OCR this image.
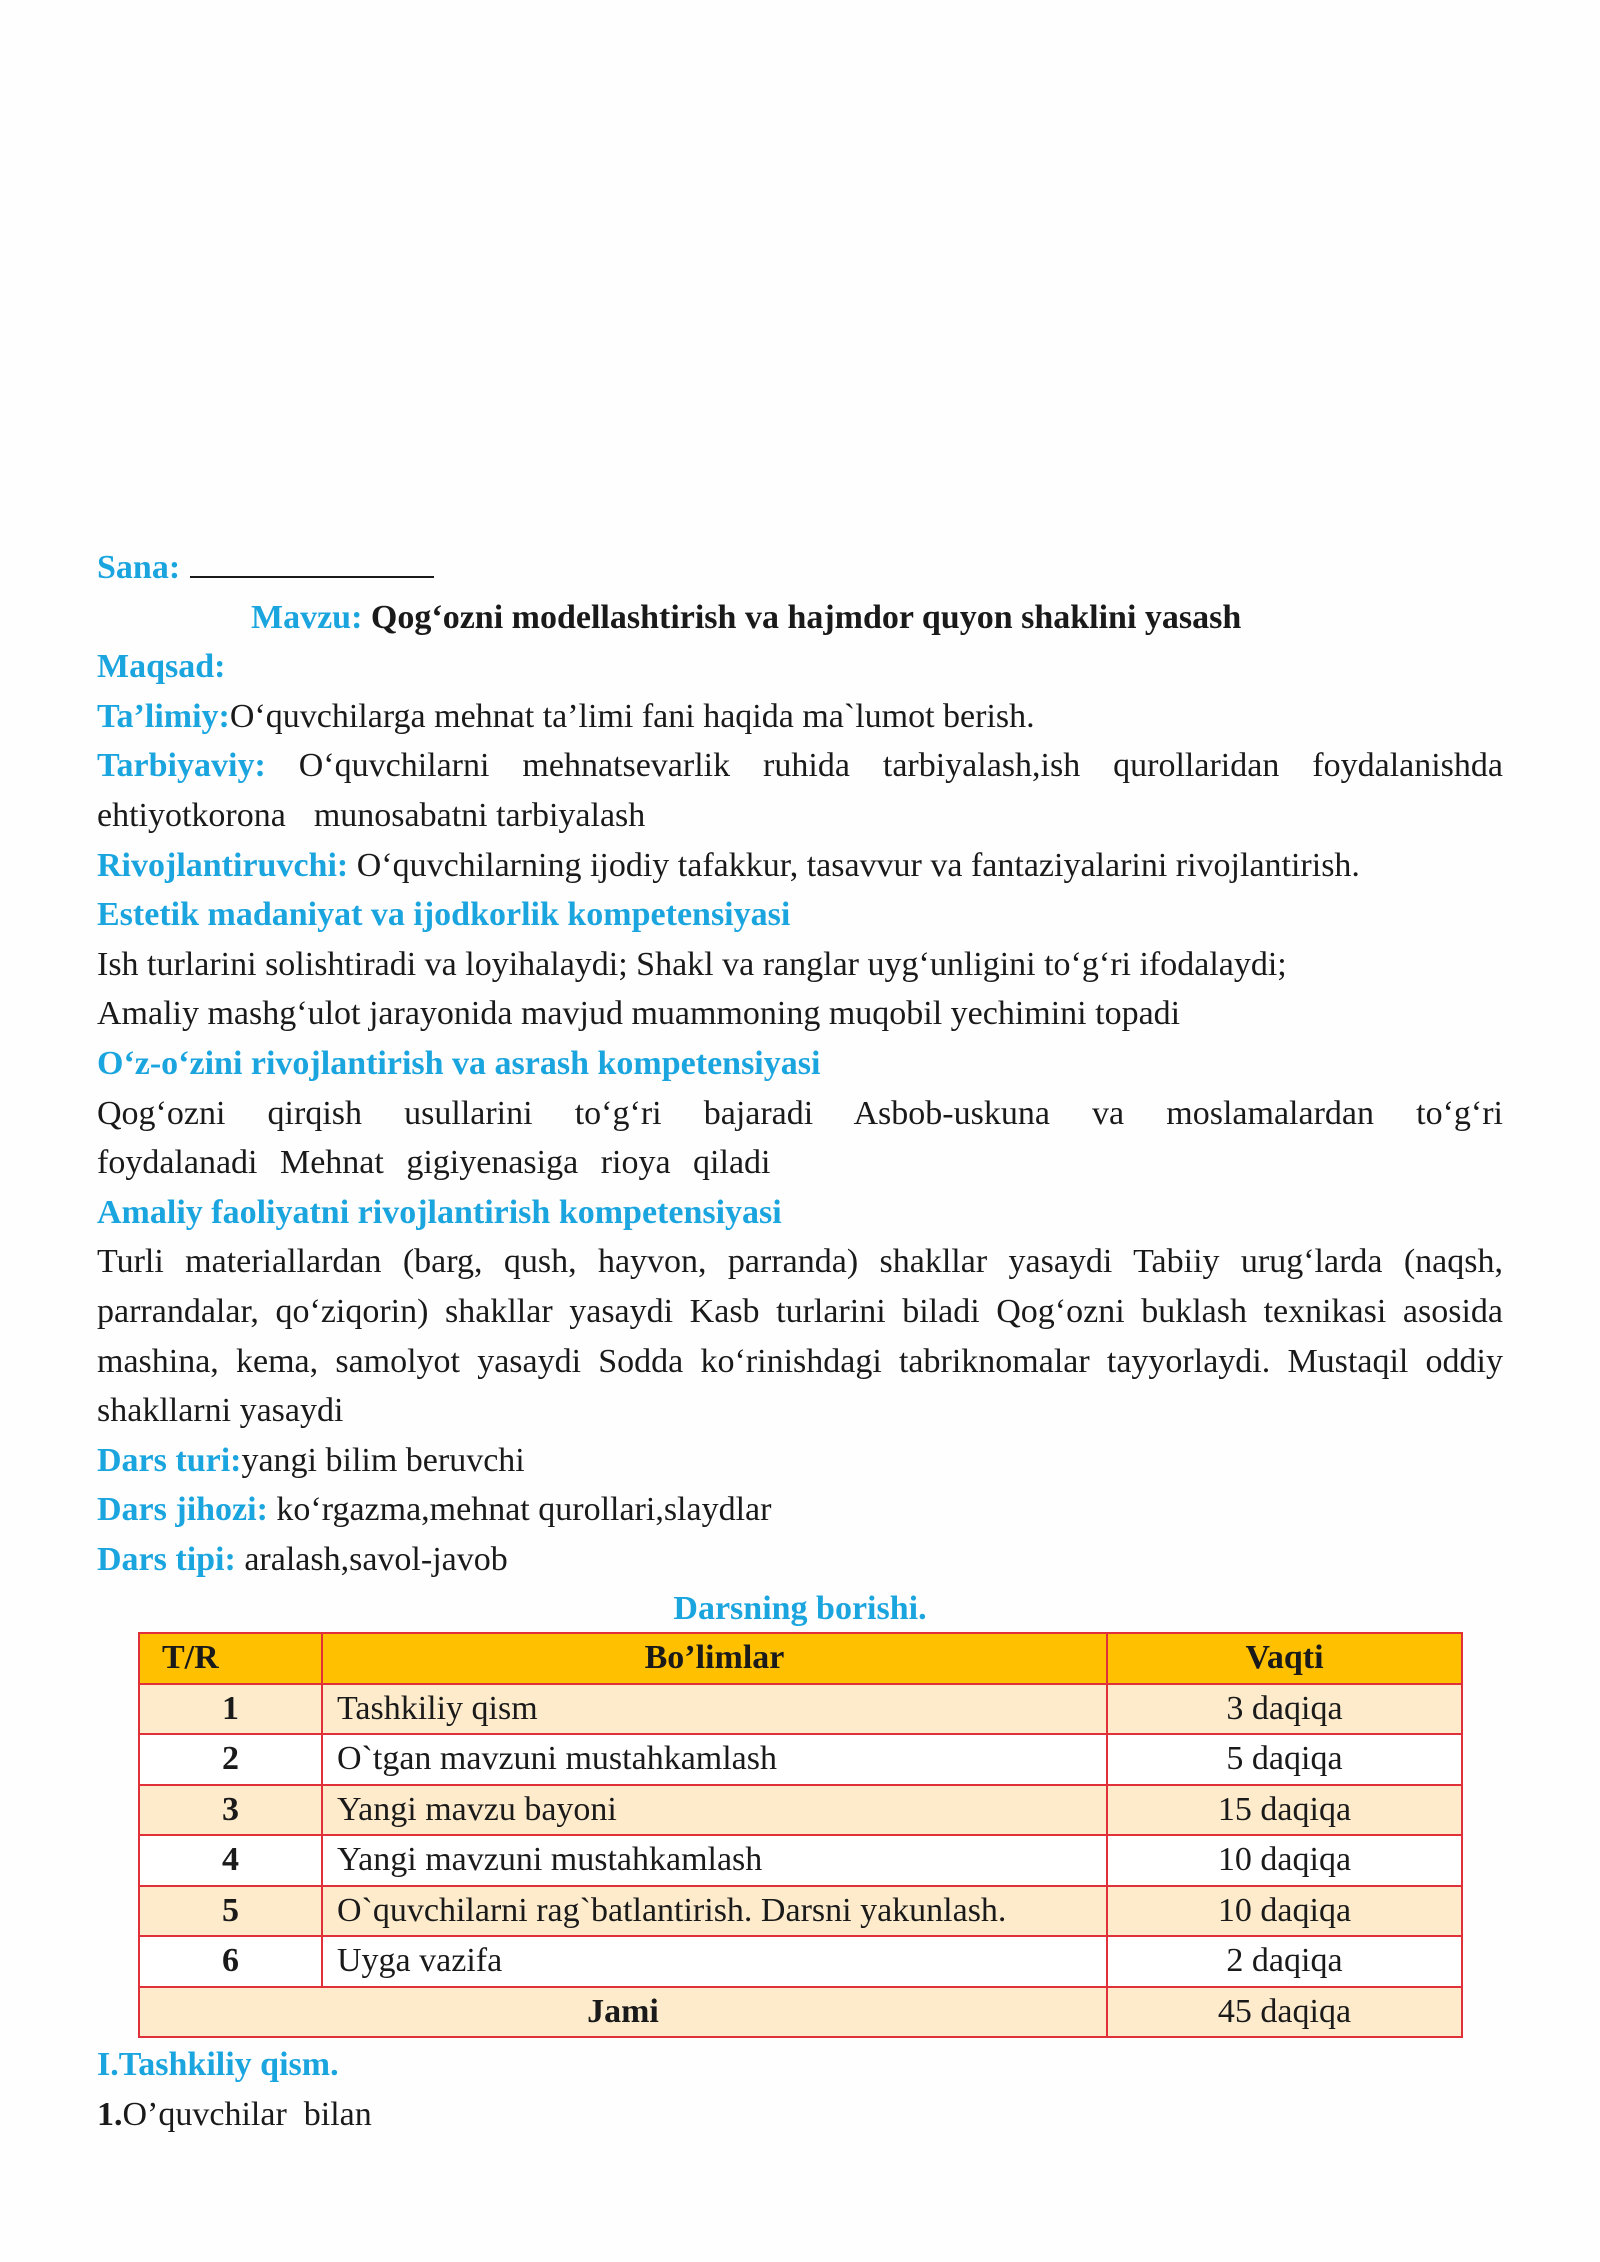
Sana:

Mavzu: Qog‘ozni modellashtirish va hajmdor quyon shaklini yasash

Maqsad:

Ta’limiy:O‘quvchilarga mehnat ta’limi fani haqida ma`lumot berish.

Tarbiyaviy: O‘quvchilarni mehnatsevarlik ruhida tarbiyalash,ish qurollaridan foydalanishda

ehtiyotkorona munosabatni tarbiyalash

Rivojlantiruvchi: O‘quvchilarning ijodiy tafakkur, tasavvur va fantaziyalarini rivojlantirish.

Estetik madaniyat va ijodkorlik kompetensiyasi

Ish turlarini solishtiradi va loyihalaydi; Shakl va ranglar uyg‘unligini to‘g‘ri ifodalaydi;

Amaliy mashg‘ulot jarayonida mavjud muammoning muqobil yechimini topadi

O‘z-o‘zini rivojlantirish va asrash kompetensiyasi

Qog‘ozni qirqish usullarini to‘g‘ri bajaradi Asbob-uskuna va moslamalardan to‘g‘ri foydalanadi Mehnat gigiyenasiga rioya qiladi

Amaliy faoliyatni rivojlantirish kompetensiyasi

Turli materiallardan (barg, qush, hayvon, parranda) shakllar yasaydi Tabiiy urug‘larda (naqsh, parrandalar, qo‘ziqorin) shakllar yasaydi Kasb turlarini biladi Qog‘ozni buklash texnikasi asosida mashina, kema, samolyot yasaydi Sodda ko‘rinishdagi tabriknomalar tayyorlaydi. Mustaqil oddiy shakllarni yasaydi

Dars turi:yangi bilim beruvchi

Dars jihozi: ko‘rgazma,mehnat qurollari,slaydlar

Dars tipi: aralash,savol-javob

Darsning borishi.

T/R	Bo’limlar	Vaqti
1	Tashkiliy qism	3 daqiqa
2	O`tgan mavzuni mustahkamlash	5 daqiqa
3	Yangi mavzu bayoni	15 daqiqa
4	Yangi mavzuni mustahkamlash	10 daqiqa
5	O`quvchilarni rag`batlantirish. Darsni yakunlash.	10 daqiqa
6	Uyga vazifa	2 daqiqa
Jami		45 daqiqa

I.Tashkiliy qism.

1.O’quvchilar  bilan
